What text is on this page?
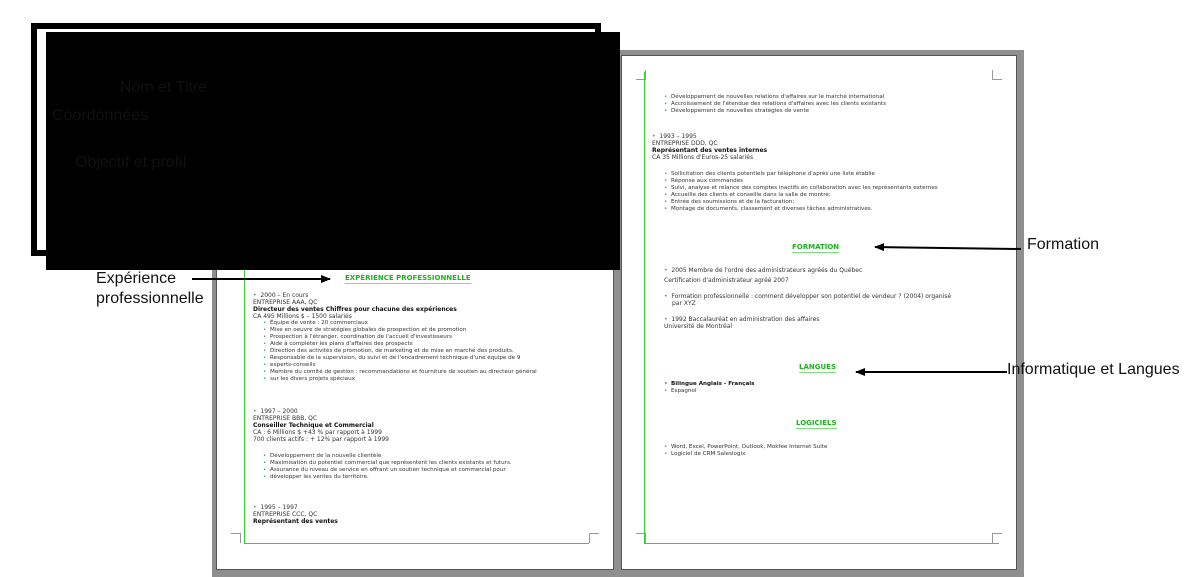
•
•
•
•
•
•
•
•
•
EXPÉRIENCE PROFESSIONNELLE
• 2000 – En cours
ENTREPRISE AAA, QC
Directeur des ventes Chiffres pour chacune des expériences
CA 495 Millions $ – 1500 salariés
• Équipe de vente : 20 commerciaux
• Mise en oeuvre de stratégies globales de prospection et de promotion
• Prospection à l'étranger, coordination de l'accueil d'investisseurs
• Aide à compléter les plans d'affaires des prospects
• Direction des activités de promotion, de marketing et de mise en marché des produits.
• Responsable de la supervision, du suivi et de l'encadrement technique d'une équipe de 9
• experts-conseils
• Membre du comité de gestion : recommandations et fourniture de soutien au directeur général
• sur les divers projets spéciaux
• 1997 – 2000
ENTREPRISE BBB, QC
Conseiller Technique et Commercial
CA : 6 Millions $ +43 % par rapport à 1999
700 clients actifs : + 12% par rapport à 1999
• Développement de la nouvelle clientèle
• Maximisation du potentiel commercial que représentent les clients existants et futurs.
• Assurance du niveau de service en offrant un soutien technique et commercial pour
• développer les ventes du territoire.
• 1995 – 1997
ENTREPRISE CCC, QC
Représentant des ventes
• Développement de nouvelles relations d'affaires sur le marché international
• Accroissement de l'étendue des relations d'affaires avec les clients existants
• Développement de nouvelles stratégies de vente
• 1993 – 1995
ENTREPRISE DDD, QC
Représentant des ventes internes
CA 35 Millions d'Euros-25 salariés
• Sollicitation des clients potentiels par téléphone d'après une liste établie
• Réponse aux commandes
• Suivi, analyse et relance des comptes inactifs en collaboration avec les représentants externes
• Accueille des clients et conseille dans la salle de montre;
• Entrée des soumissions et de la facturation;
• Montage de documents, classement et diverses tâches administratives.
FORMATION
• 2005 Membre de l'ordre des administrateurs agréés du Québec
Certification d'administrateur agréé 2007
• Formation professionnelle : comment développer son potentiel de vendeur ? (2004) organisé
par XYZ
• 1992 Baccalauréat en administration des affaires
Université de Montréal
LANGUES
• Bilingue Anglais - Français
• Espagnol
LOGICIELS
• Word, Excel, PowerPoint, Outlook, Mokfee Internet Suite
• Logiciel de CRM Saleslogix
Nom et Titre
Coordonnées
Objectif et profil
Expérience
professionnelle
Formation
Informatique et Langues
